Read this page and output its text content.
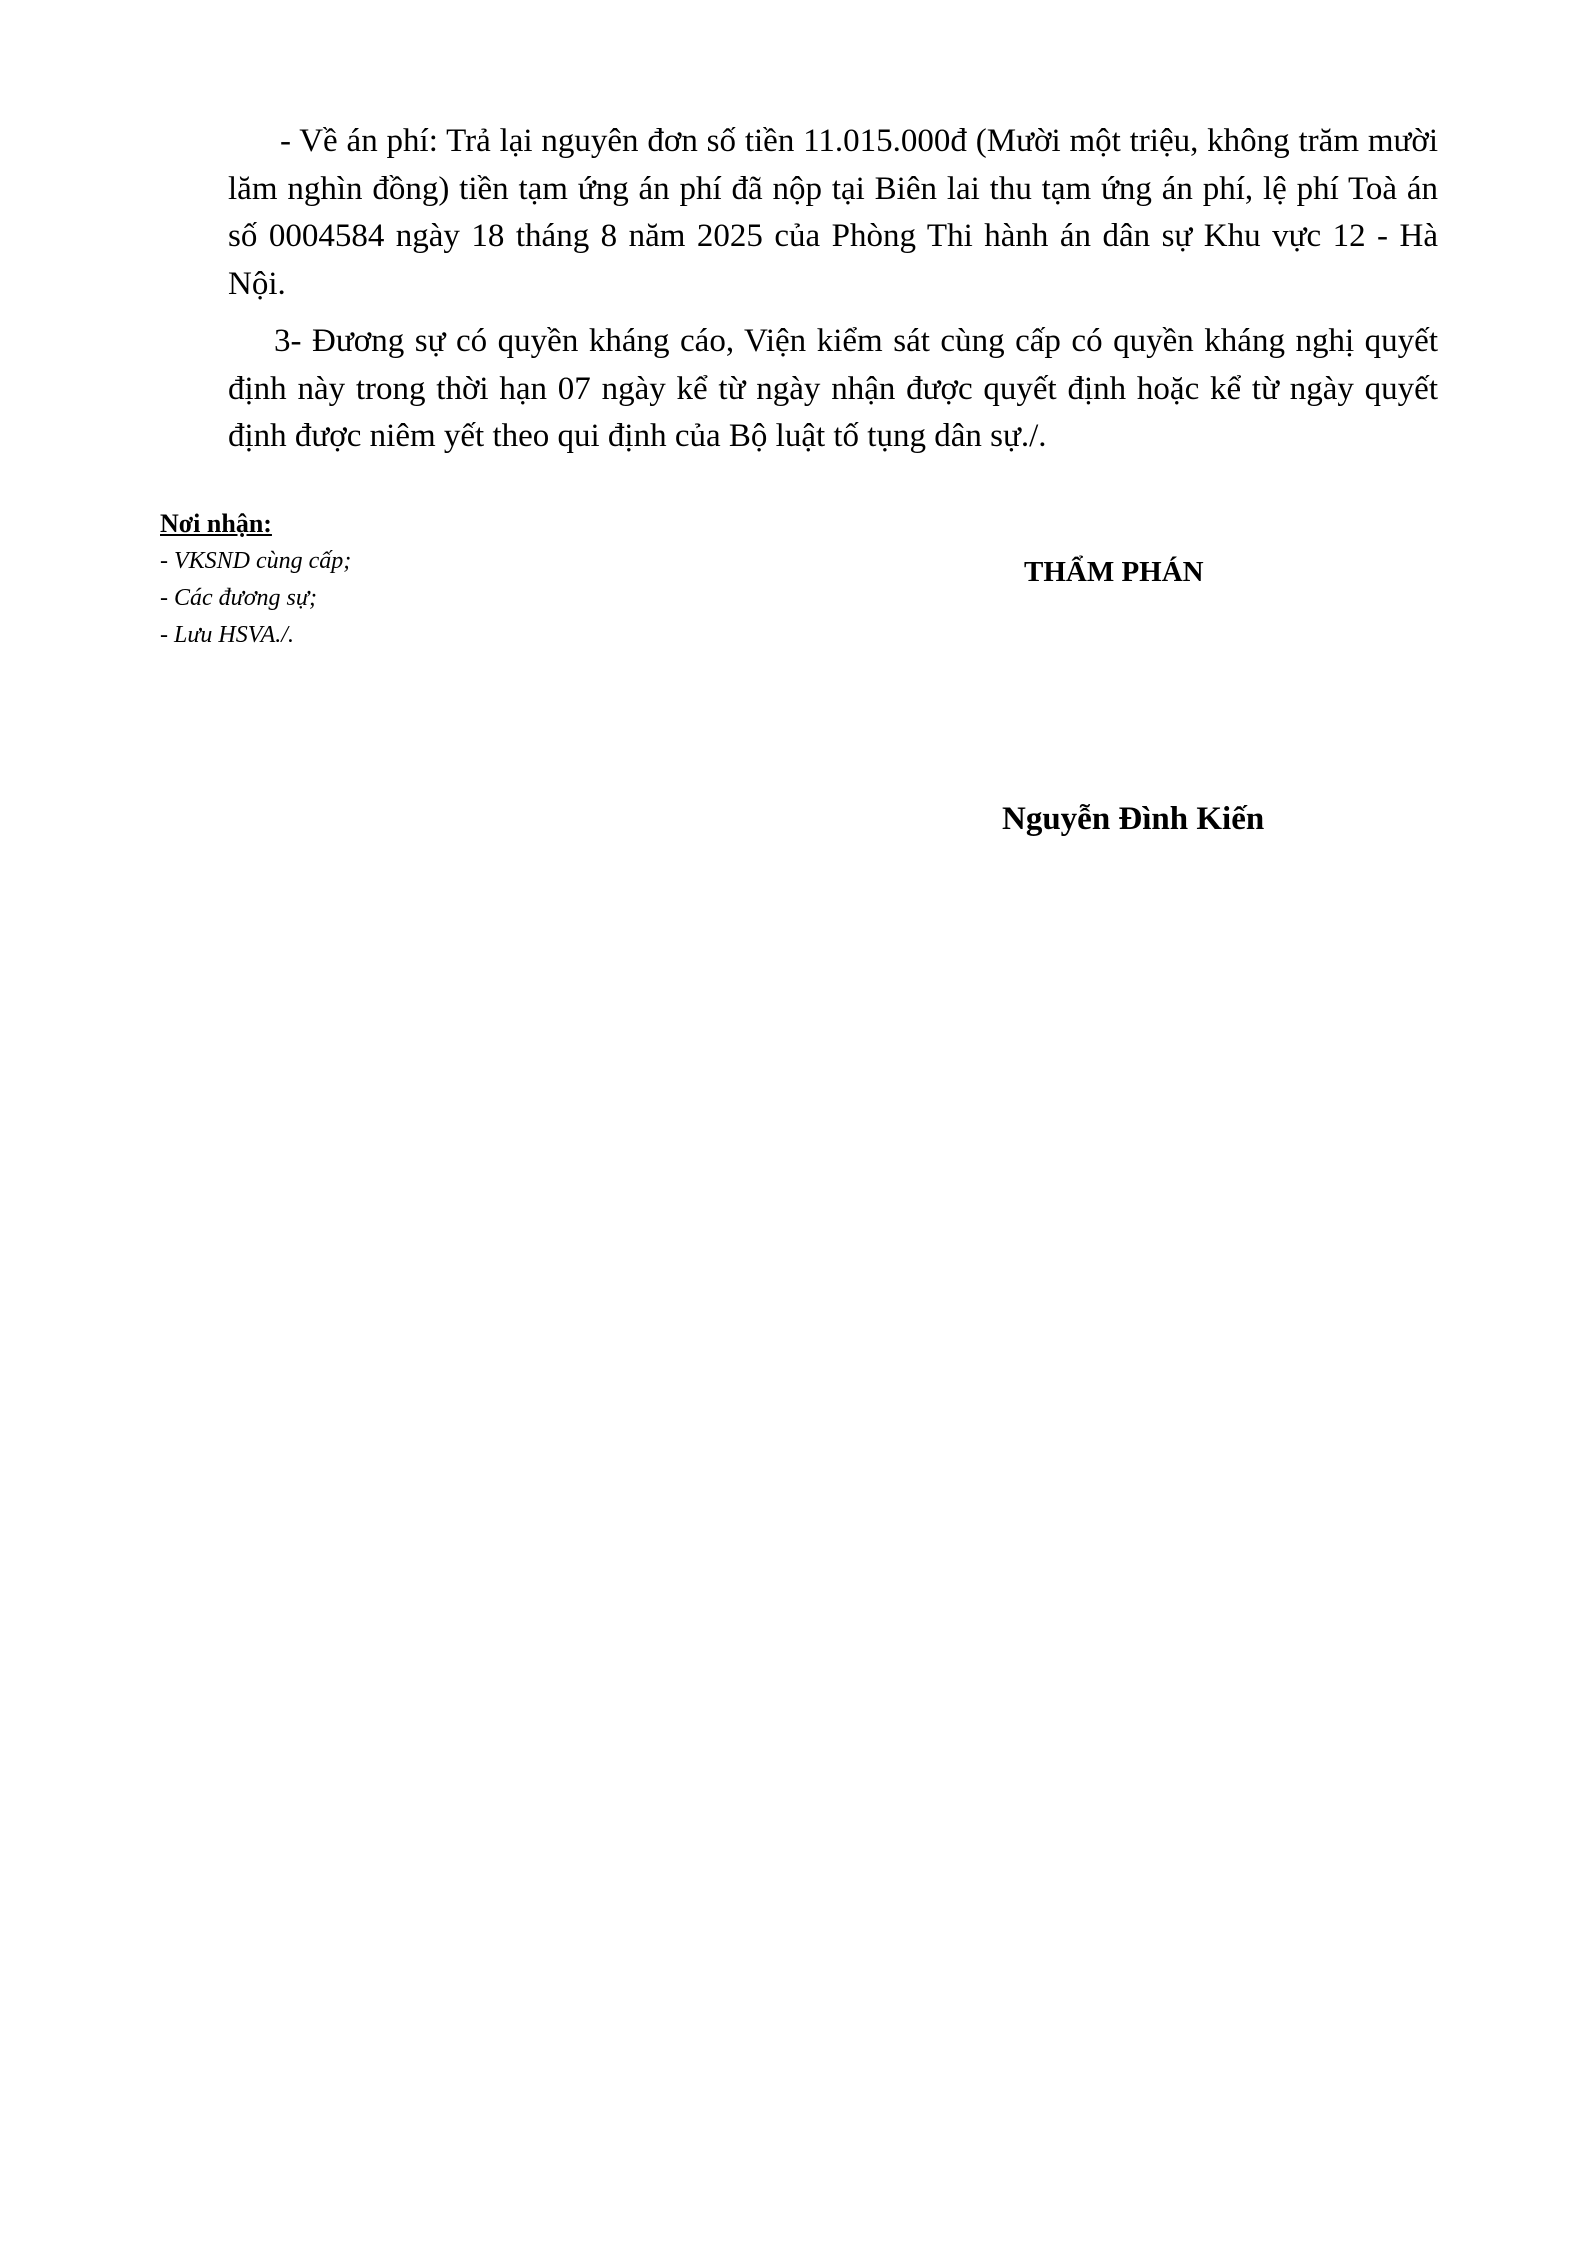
- Về án phí: Trả lại nguyên đơn số tiền 11.015.000đ (Mười một triệu, không trăm mười lăm nghìn đồng) tiền tạm ứng án phí đã nộp tại Biên lai thu tạm ứng án phí, lệ phí Toà án số 0004584 ngày 18 tháng 8 năm 2025 của Phòng Thi hành án dân sự Khu vực 12 - Hà Nội.

3- Đương sự có quyền kháng cáo, Viện kiểm sát cùng cấp có quyền kháng nghị quyết định này trong thời hạn 07 ngày kể từ ngày nhận được quyết định hoặc kể từ ngày quyết định được niêm yết theo qui định của Bộ luật tố tụng dân sự./.

Nơi nhận:
- VKSND cùng cấp;
- Các đương sự;
- Lưu HSVA./.
THẨM PHÁN
Nguyễn Đình Kiến
